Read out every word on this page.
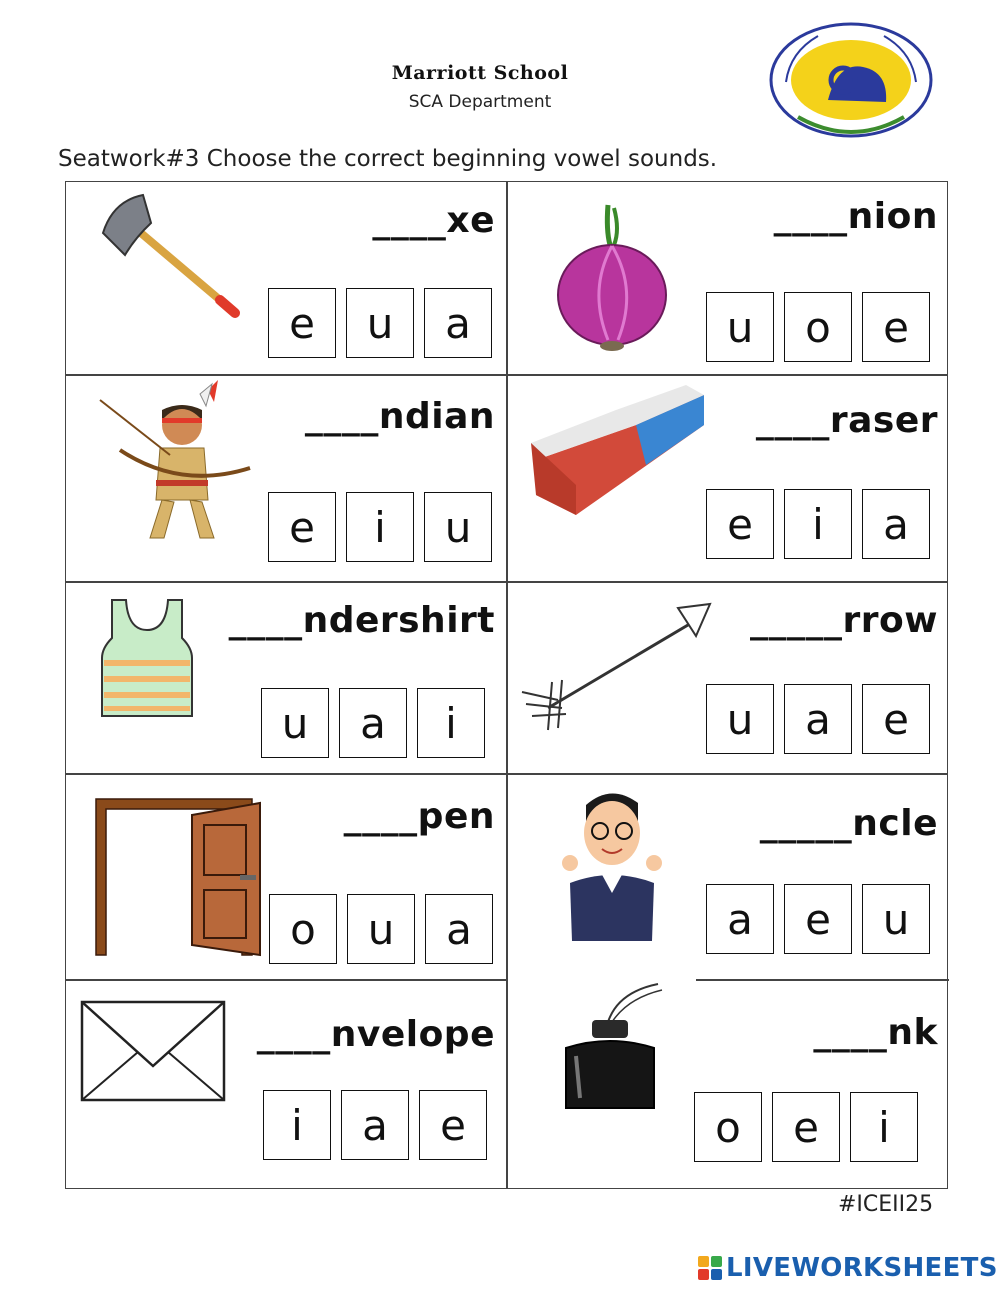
Marriott School
SCA Department
Seatwork#3 Choose the correct beginning vowel sounds.
____xe
e	u	a
____nion
u	o	e
____ndian
e	i	u
____raser
e	i	a
____ndershirt
u	a	i
_____rrow
u	a	e
____pen
o	u	a
_____ncle
a	e	u
____nvelope
i	a	e
____nk
o	e	i
#ICEII25
LIVEWORKSHEETS
